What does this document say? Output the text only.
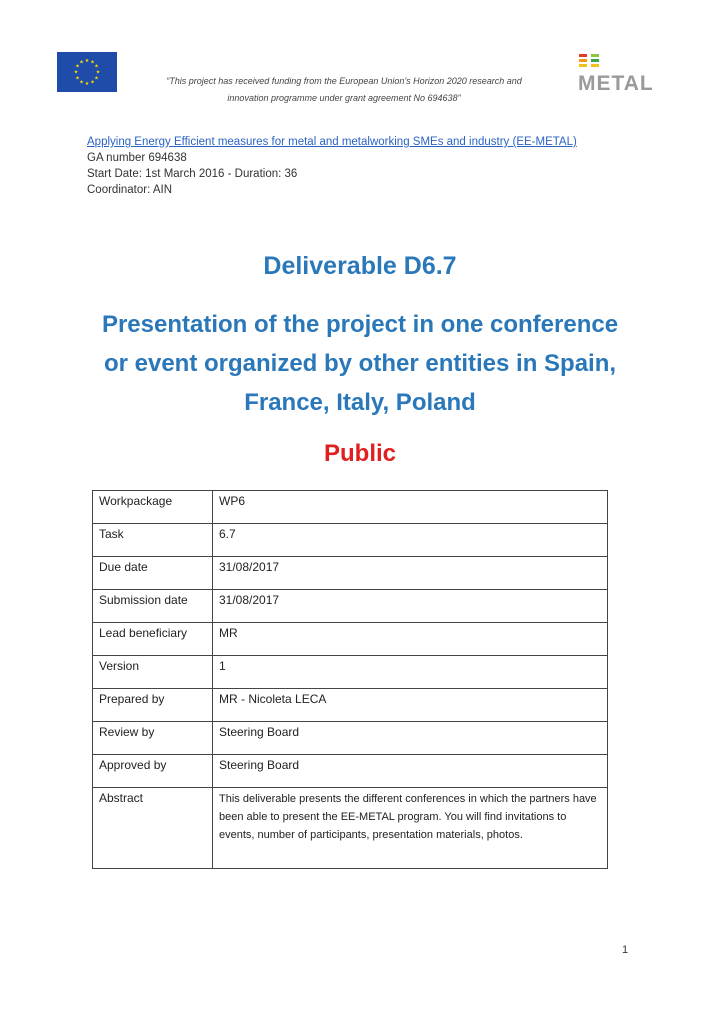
★ ★
★
★
★
★
★
★
★
★
★
★
“This project has received funding from the European Union’s Horizon 2020 research and
innovation programme under grant agreement No 694638”
METAL
Applying Energy Efficient measures for metal and metalworking SMEs and industry (EE-METAL)
GA number 694638
Start Date: 1st March 2016 - Duration: 36
Coordinator: AIN
Deliverable D6.7
Presentation of the project in one conference
or event organized by other entities in Spain,
France, Italy, Poland
Public
Workpackage	WP6
Task	6.7
Due date	31/08/2017
Submission date	31/08/2017
Lead beneficiary	MR
Version	1
Prepared by	MR - Nicoleta LECA
Review by	Steering Board
Approved by	Steering Board
Abstract	This deliverable presents the different conferences in which the partners have been able to present the EE-METAL program. You will find invitations to events, number of participants, presentation materials, photos.
1
